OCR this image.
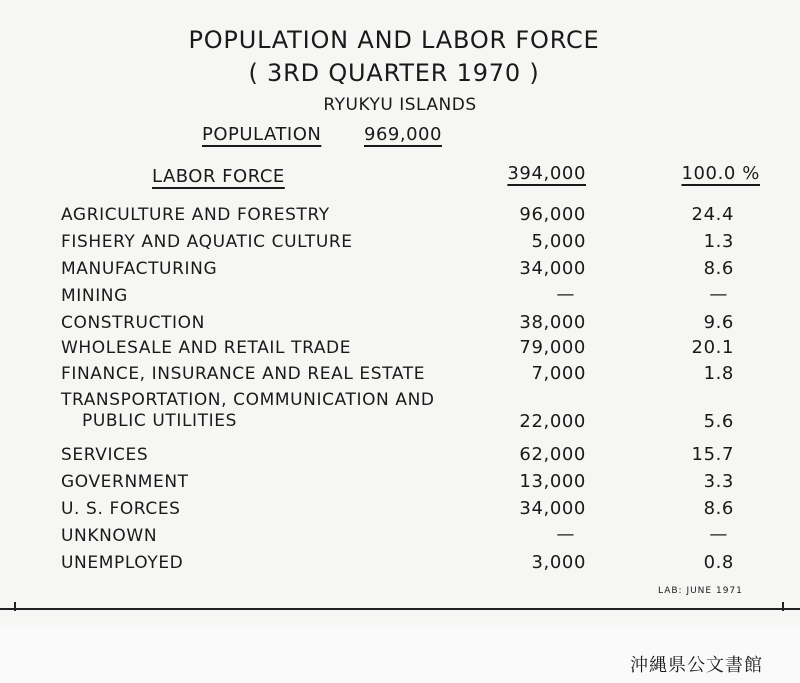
POPULATION AND LABOR FORCE
( 3RD QUARTER 1970 )
RYUKYU ISLANDS
POPULATION 969,000
LABOR FORCE	394,000	100.0 %
AGRICULTURE AND FORESTRY	96,000	24.4
FISHERY AND AQUATIC CULTURE	5,000	1.3
MANUFACTURING	34,000	8.6
MINING	—	—
CONSTRUCTION	38,000	9.6
WHOLESALE AND RETAIL TRADE	79,000	20.1
FINANCE, INSURANCE AND REAL ESTATE	7,000	1.8
TRANSPORTATION, COMMUNICATION AND
PUBLIC UTILITIES	22,000	5.6
SERVICES	62,000	15.7
GOVERNMENT	13,000	3.3
U. S. FORCES	34,000	8.6
UNKNOWN	—	—
UNEMPLOYED	3,000	0.8
LAB: JUNE 1971
沖縄県公文書館
